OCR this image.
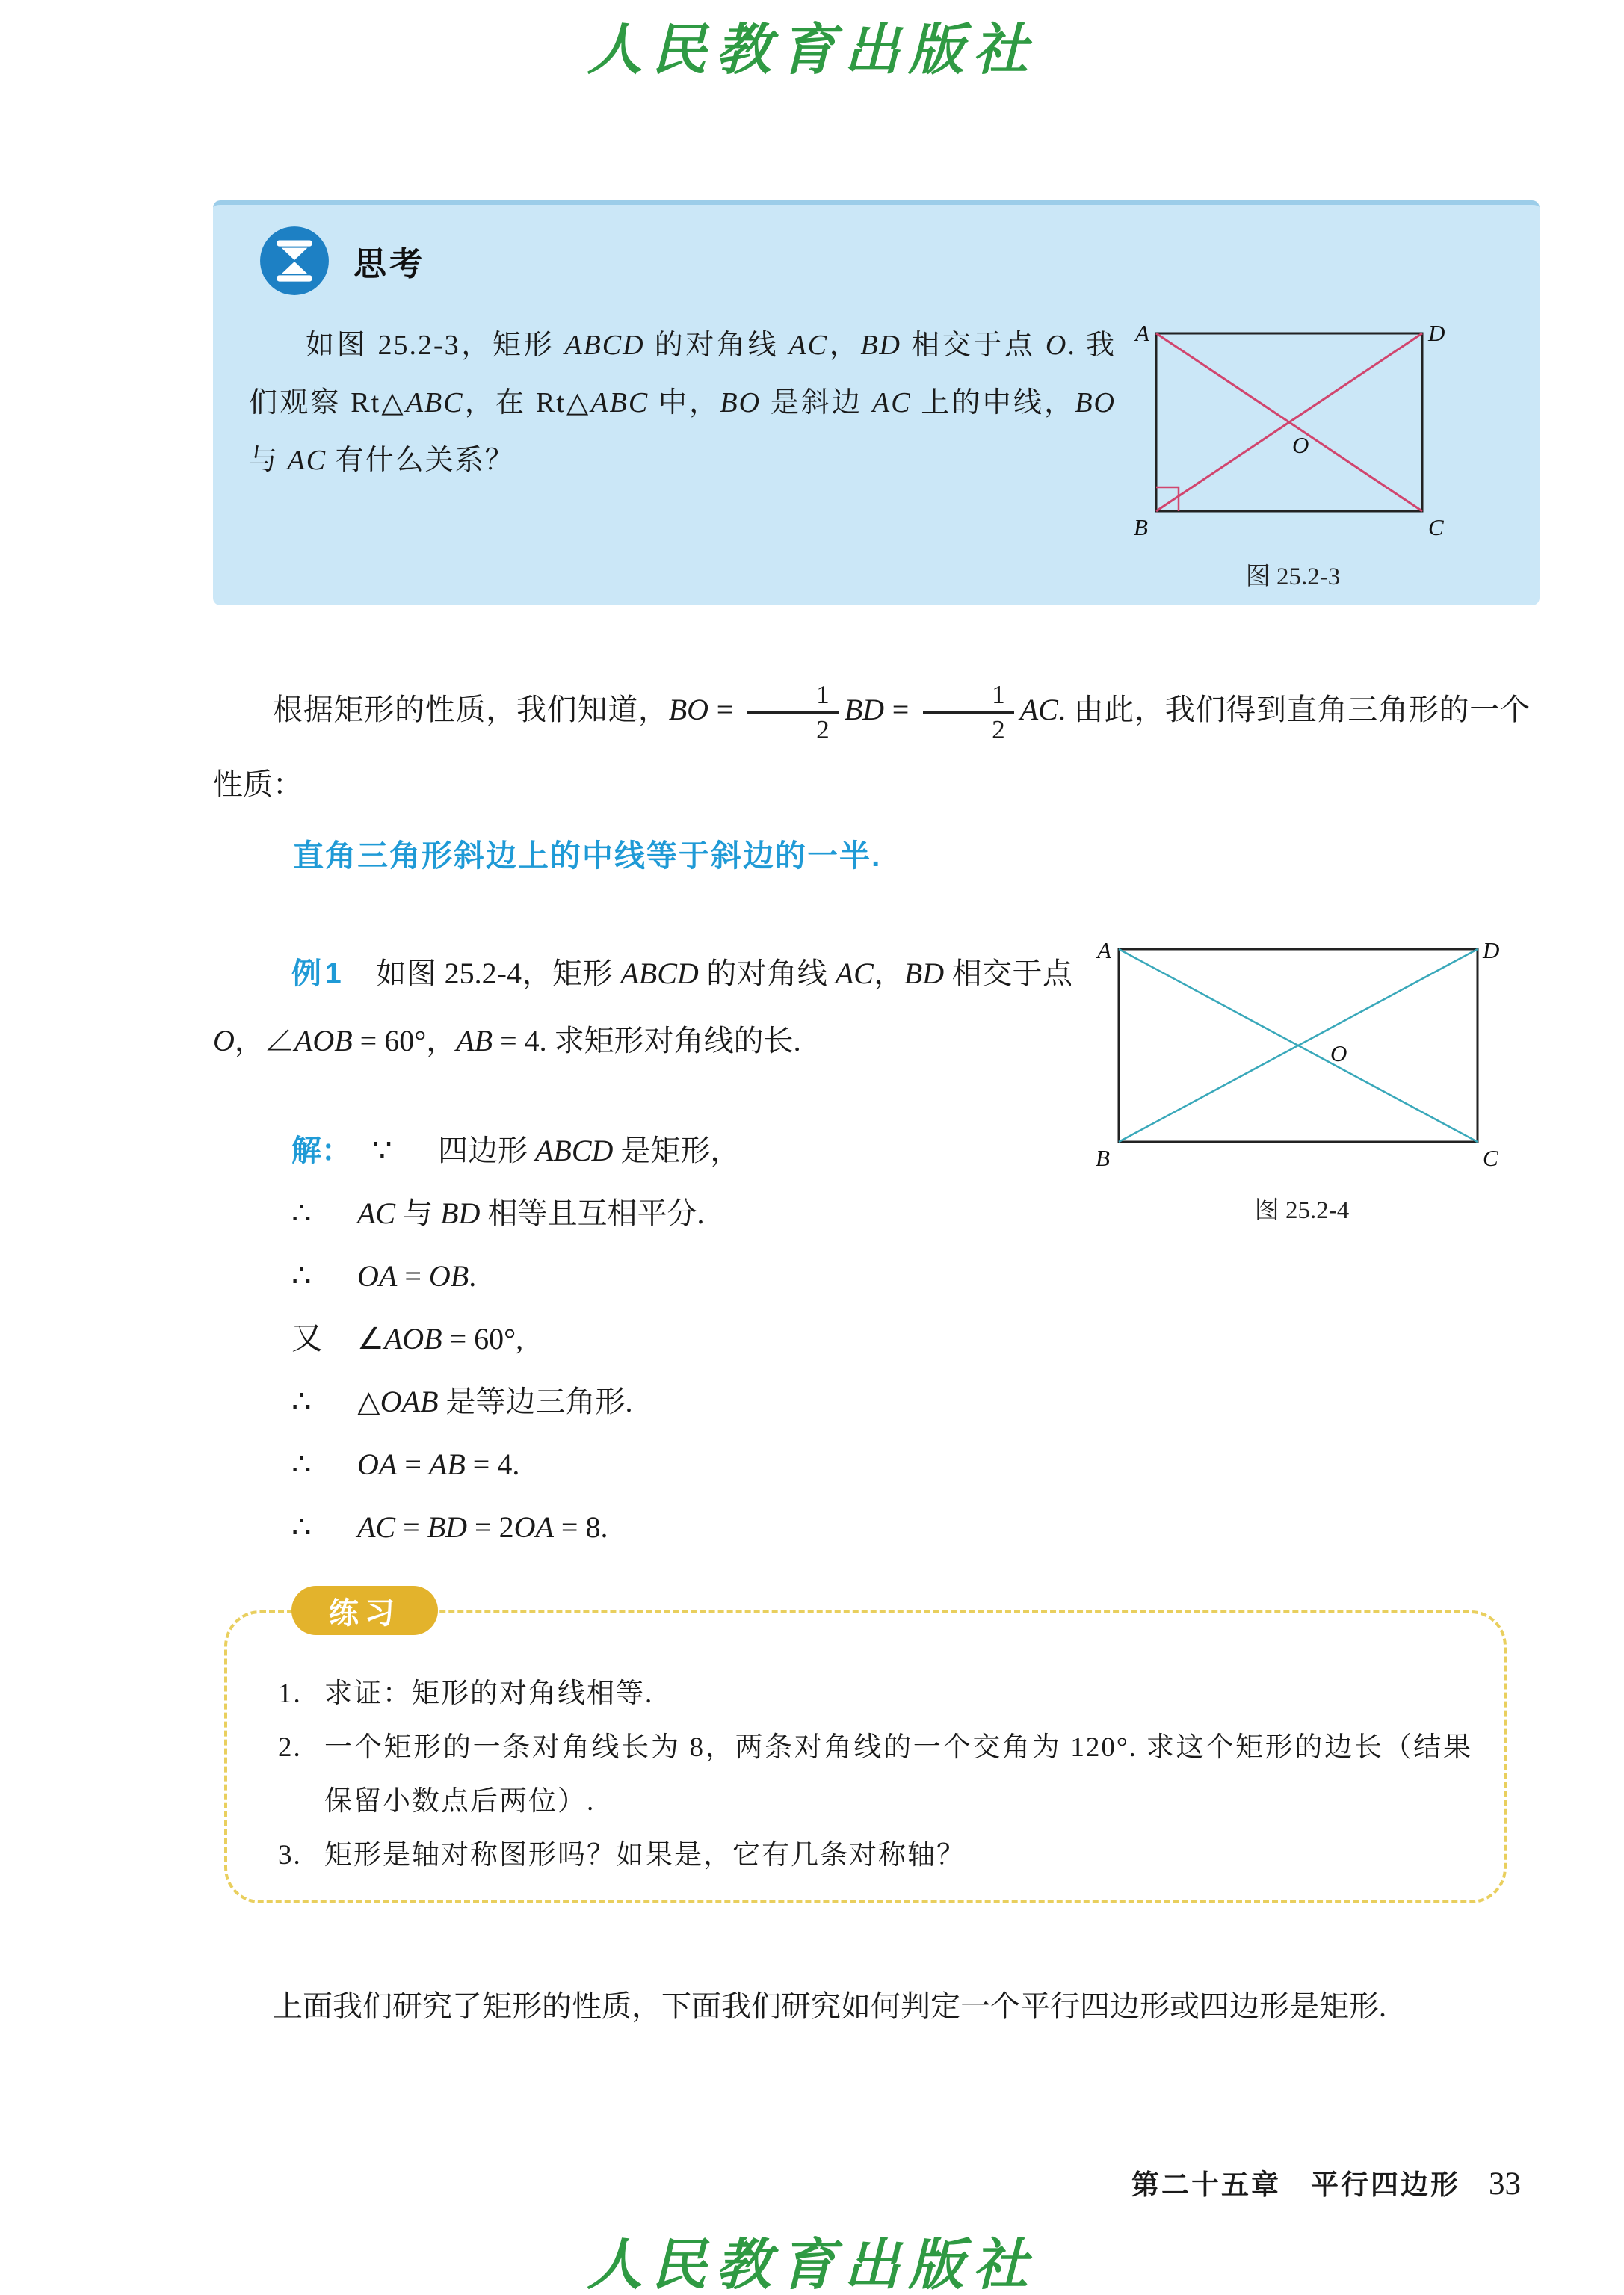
人民教育出版社
思考
如图 25.2-3，矩形 ABCD 的对角线 AC，BD 相交于点 O. 我们观察 Rt△ABC，在 Rt△ABC 中，BO 是斜边 AC 上的中线，BO 与 AC 有什么关系？
A	D
B	C
O
图 25.2-3
根据矩形的性质，我们知道，BO = $\frac{1}{2}$ BD = $\frac{1}{2}$ AC. 由此，我们得到直角三角形的一个性质：
直角三角形斜边上的中线等于斜边的一半.
例1 如图 25.2-4，矩形 ABCD 的对角线 AC，BD 相交于点 O，∠AOB = 60°，AB = 4. 求矩形对角线的长.
A	D
B	C
O
图 25.2-4
解： ∵	四边形 ABCD 是矩形，
∴	AC 与 BD 相等且互相平分.
∴	OA = OB.
又	∠AOB = 60°,
∴	△OAB 是等边三角形.
∴	OA = AB = 4.
∴	AC = BD = 2OA = 8.
练习
1. 求证：矩形的对角线相等.
2. 一个矩形的一条对角线长为 8，两条对角线的一个交角为 120°. 求这个矩形的边长（结果保留小数点后两位）.
3. 矩形是轴对称图形吗？如果是，它有几条对称轴？
上面我们研究了矩形的性质，下面我们研究如何判定一个平行四边形或四边形是矩形.
第二十五章　平行四边形 33
人民教育出版社
